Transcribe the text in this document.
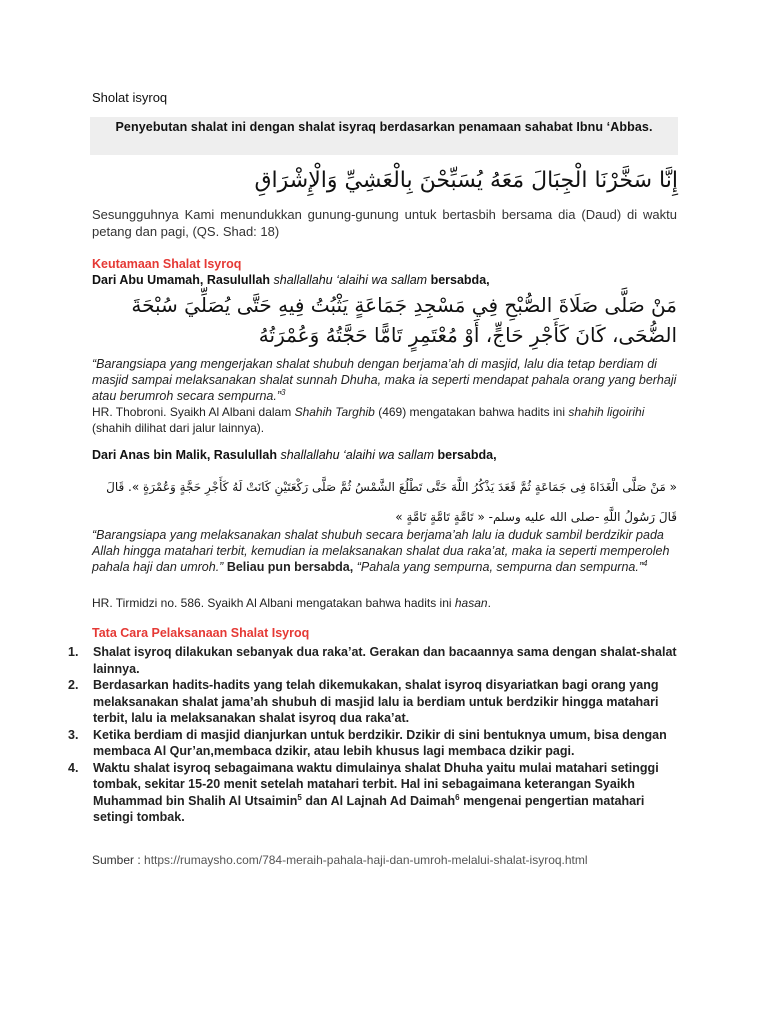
Sholat isyroq
Penyebutan shalat ini dengan shalat isyraq berdasarkan penamaan sahabat Ibnu ‘Abbas.
إِنَّا سَخَّرْنَا الْجِبَالَ مَعَهُ يُسَبِّحْنَ بِالْعَشِيِّ وَالْإِشْرَاقِ
Sesungguhnya Kami menundukkan gunung-gunung untuk bertasbih bersama dia (Daud) di waktu petang dan pagi, (QS. Shad: 18)
Keutamaan Shalat Isyroq
Dari Abu Umamah, Rasulullah shallallahu ‘alaihi wa sallam bersabda,
مَنْ صَلَّى صَلَاةَ الصُّبْحِ فِي مَسْجِدِ جَمَاعَةٍ يَثْبُتُ فِيهِ حَتَّى يُصَلِّيَ سُبْحَةَ الضُّحَى، كَانَ كَأَجْرِ حَاجٍّ، أَوْ مُعْتَمِرٍ تَامًّا حَجَّتُهُ وَعُمْرَتُهُ
“Barangsiapa yang mengerjakan shalat shubuh dengan berjama’ah di masjid, lalu dia tetap berdiam di masjid sampai melaksanakan shalat sunnah Dhuha, maka ia seperti mendapat pahala orang yang berhaji atau berumroh secara sempurna.”$^3$
HR. Thobroni. Syaikh Al Albani dalam Shahih Targhib (469) mengatakan bahwa hadits ini shahih ligoirihi (shahih dilihat dari jalur lainnya).
Dari Anas bin Malik, Rasulullah shallallahu ‘alaihi wa sallam bersabda,
« مَنْ صَلَّى الْغَدَاةَ فِى جَمَاعَةٍ ثُمَّ قَعَدَ يَذْكُرُ اللَّهَ حَتَّى تَطْلُعَ الشَّمْسُ ثُمَّ صَلَّى رَكْعَتَيْنِ كَانَتْ لَهُ كَأَجْرِ حَجَّةٍ وَعُمْرَةٍ ». قَالَ قَالَ رَسُولُ اللَّهِ -صلى الله عليه وسلم- « تَامَّةٍ تَامَّةٍ تَامَّةٍ »
“Barangsiapa yang melaksanakan shalat shubuh secara berjama’ah lalu ia duduk sambil berdzikir pada Allah hingga matahari terbit, kemudian ia melaksanakan shalat dua raka’at, maka ia seperti memperoleh pahala haji dan umroh.” Beliau pun bersabda, “Pahala yang sempurna, sempurna dan sempurna.”$^4$
HR. Tirmidzi no. 586. Syaikh Al Albani mengatakan bahwa hadits ini hasan.
Tata Cara Pelaksanaan Shalat Isyroq
1. Shalat isyroq dilakukan sebanyak dua raka’at. Gerakan dan bacaannya sama dengan shalat-shalat lainnya.
2. Berdasarkan hadits-hadits yang telah dikemukakan, shalat isyroq disyariatkan bagi orang yang melaksanakan shalat jama’ah shubuh di masjid lalu ia berdiam untuk berdzikir hingga matahari terbit, lalu ia melaksanakan shalat isyroq dua raka’at.
3. Ketika berdiam di masjid dianjurkan untuk berdzikir. Dzikir di sini bentuknya umum, bisa dengan membaca Al Qur’an,membaca dzikir, atau lebih khusus lagi membaca dzikir pagi.
4. Waktu shalat isyroq sebagaimana waktu dimulainya shalat Dhuha yaitu mulai matahari setinggi tombak, sekitar 15-20 menit setelah matahari terbit. Hal ini sebagaimana keterangan Syaikh Muhammad bin Shalih Al Utsaimin$^5$ dan Al Lajnah Ad Daimah$^6$ mengenai pengertian matahari setingi tombak.
Sumber : https://rumaysho.com/784-meraih-pahala-haji-dan-umroh-melalui-shalat-isyroq.html
